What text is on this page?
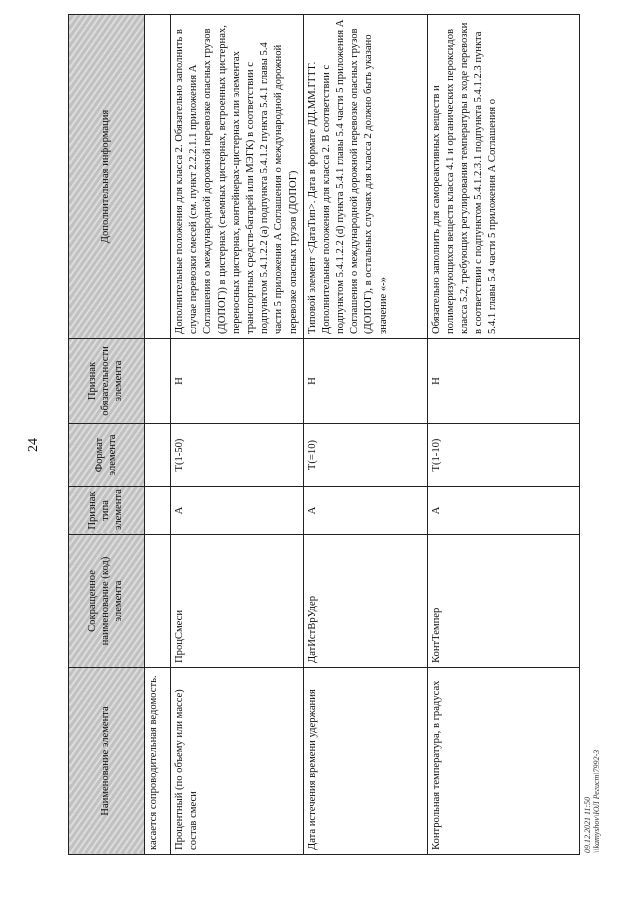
24
Наименование элемента	Сокращенное наименование (код) элемента	Признак типа элемента	Формат элемента	Признак обязательности элемента	Дополнительная информация
касается сопроводительная ведомость.					
Процентный (по объему или массе) состав смеси	ПроцСмеси	А	Т(1-50)	Н	Дополнительные положения для класса 2. Обязательно заполнить в случае перевозки смесей (см. пункт 2.2.2.1.1 приложения А Соглашения о международной дорожной перевозке опасных грузов (ДОПОГ)) в цистернах (съемных цистернах, встроенных цистернах, переносных цистернах, контейнерах-цистернах или элементах транспортных средств-батарей или МЭГК) в соответствии с подпунктом 5.4.1.2.2 (а) подпункта 5.4.1.2 пункта 5.4.1 главы 5.4 части 5 приложения А Соглашения о международной дорожной перевозке опасных грузов (ДОПОГ)
Дата истечения времени удержания	ДатИстВрУдер	А	Т(=10)	Н	Типовой элемент <ДатаТип>. Дата в формате ДД.ММ.ГГГГ. Дополнительные положения для класса 2. В соответствии с подпунктом 5.4.1.2.2 (d) пункта 5.4.1 главы 5.4 части 5 приложения А Соглашения о международной дорожной перевозке опасных грузов (ДОПОГ), в остальных случаях для класса 2 должно быть указано значение «-»
Контрольная температура, в градусах	КонтТемпер	А	Т(1-10)	Н	Обязательно заполнить для самореактивных веществ и полимеризующихся веществ класса 4.1 и органических пероксидов класса 5.2, требующих регулирования температуры в ходе перевозки в соответствии с подпунктом 5.4.1.2.3.1 подпункта 5.4.1.2.3 пункта 5.4.1 главы 5.4 части 5 приложения А Соглашения о
09.12.2021 11:50 \\kamyshov\ЮЛ Регист\7992-3
